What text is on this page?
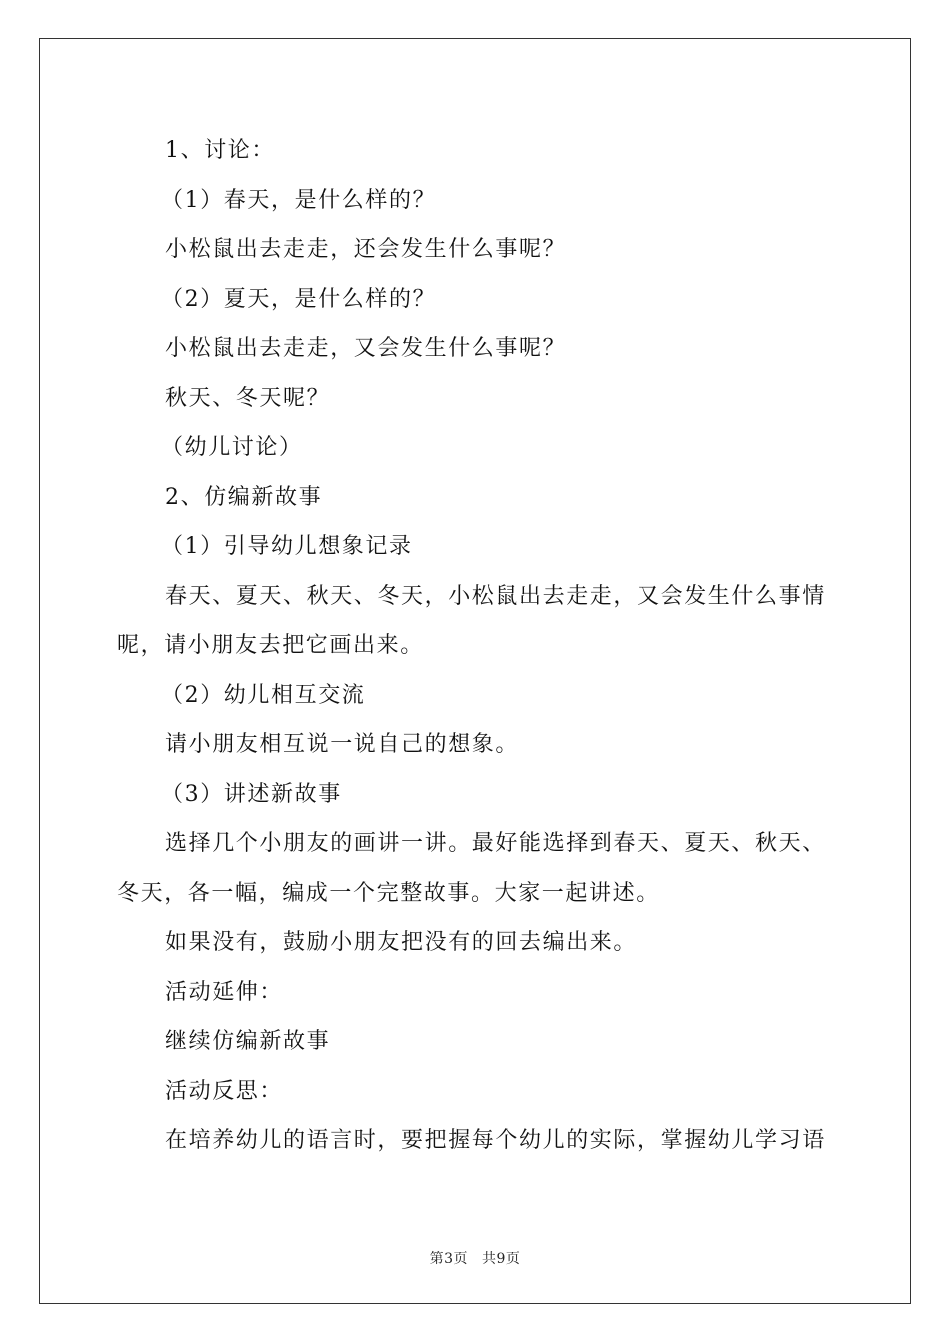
1、讨论：

（1）春天，是什么样的？

小松鼠出去走走，还会发生什么事呢？

（2）夏天，是什么样的？

小松鼠出去走走，又会发生什么事呢？

秋天、冬天呢？

（幼儿讨论）

2、仿编新故事

（1）引导幼儿想象记录

春天、夏天、秋天、冬天，小松鼠出去走走，又会发生什么事情呢，请小朋友去把它画出来。

（2）幼儿相互交流

请小朋友相互说一说自己的想象。

（3）讲述新故事

选择几个小朋友的画讲一讲。最好能选择到春天、夏天、秋天、冬天，各一幅，编成一个完整故事。大家一起讲述。

如果没有，鼓励小朋友把没有的回去编出来。

活动延伸：

继续仿编新故事

活动反思：

在培养幼儿的语言时，要把握每个幼儿的实际，掌握幼儿学习语

第3页 共9页
